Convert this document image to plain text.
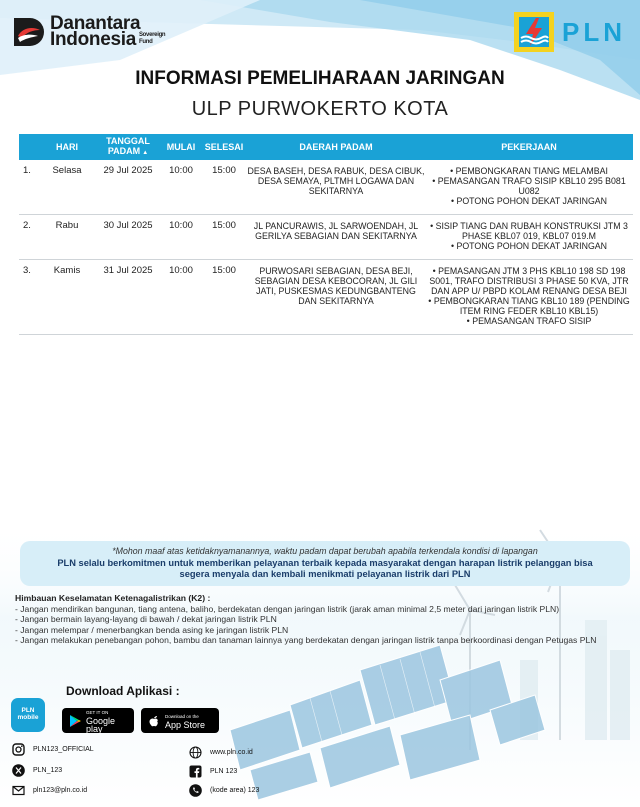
Danantara
Indonesia Sovereign
Fund	PLN
INFORMASI PEMELIHARAAN JARINGAN
ULP PURWOKERTO KOTA
	HARI	TANGGAL
PADAM ▲	MULAI	SELESAI	DAERAH PADAM	PEKERJAAN
1.	Selasa	29 Jul 2025	10:00	15:00	DESA BASEH, DESA RABUK, DESA CIBUK, DESA SEMAYA, PLTMH LOGAWA DAN SEKITARNYA	• PEMBONGKARAN TIANG MELAMBAI
• PEMASANGAN TRAFO SISIP KBL10 295 B081 U082
• POTONG POHON DEKAT JARINGAN

2.	Rabu	30 Jul 2025	10:00	15:00	JL PANCURAWIS, JL SARWOENDAH, JL GERILYA SEBAGIAN DAN SEKITARNYA	• SISIP TIANG DAN RUBAH KONSTRUKSI JTM 3 PHASE KBL07 019, KBL07 019.M
• POTONG POHON DEKAT JARINGAN

3.	Kamis	31 Jul 2025	10:00	15:00	PURWOSARI SEBAGIAN, DESA BEJI, SEBAGIAN DESA KEBOCORAN, JL GILI JATI, PUSKESMAS KEDUNGBANTENG DAN SEKITARNYA	• PEMASANGAN JTM 3 PHS KBL10 198 SD 198 S001, TRAFO DISTRIBUSI 3 PHASE 50 KVA, JTR DAN APP U/ PBPD KOLAM RENANG DESA BEJI
• PEMBONGKARAN TIANG KBL10 189 (PENDING ITEM RING FEDER KBL10 KBL15)
• PEMASANGAN TRAFO SISIP
*Mohon maaf atas ketidaknyamanannya, waktu padam dapat berubah apabila terkendala kondisi di lapangan
PLN selalu berkomitmen untuk memberikan pelayanan terbaik kepada masyarakat dengan harapan listrik pelanggan bisa segera menyala dan kembali menikmati pelayanan listrik dari PLN
Himbauan Keselamatan Ketenagalistrikan (K2) :
- Jangan mendirikan bangunan, tiang antena, baliho, berdekatan dengan jaringan listrik (jarak aman minimal 2,5 meter dari jaringan listrik PLN)
- Jangan bermain layang-layang di bawah / dekat jaringan listrik PLN
- Jangan melempar / menerbangkan benda asing ke jaringan listrik PLN
- Jangan melakukan penebangan pohon, bambu dan tanaman lainnya yang berdekatan dengan jaringan listrik tanpa berkoordinasi dengan Petugas PLN
Download Aplikasi :
PLN
mobile
GET IT ON
Google play
Download on the
App Store
PLN123_OFFICIAL
PLN_123
pln123@pln.co.id
www.pln.co.id
PLN 123
(kode area) 123
